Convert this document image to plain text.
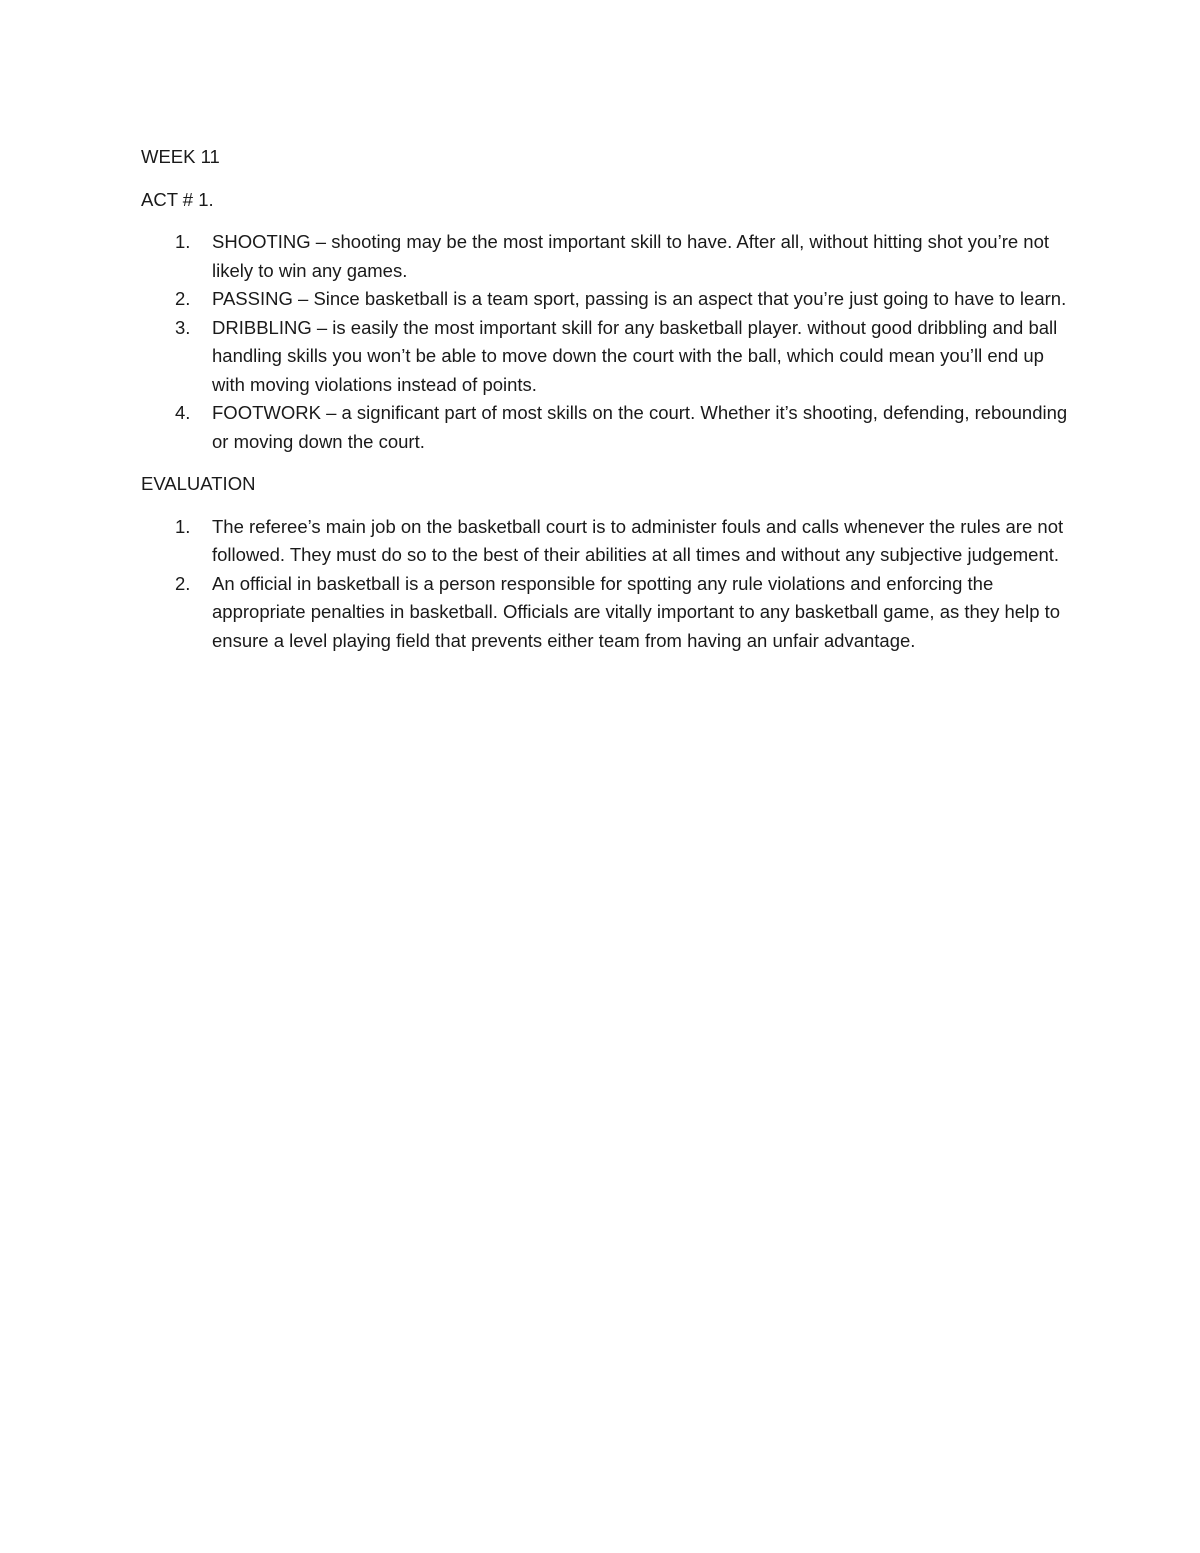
WEEK 11

ACT # 1.

1. SHOOTING – shooting may be the most important skill to have. After all, without hitting shot you’re not likely to win any games.
2. PASSING – Since basketball is a team sport, passing is an aspect that you’re just going to have to learn.
3. DRIBBLING – is easily the most important skill for any basketball player. without good dribbling and ball handling skills you won’t be able to move down the court with the ball, which could mean you’ll end up with moving violations instead of points.
4. FOOTWORK – a significant part of most skills on the court. Whether it’s shooting, defending, rebounding or moving down the court.

EVALUATION

1. The referee’s main job on the basketball court is to administer fouls and calls whenever the rules are not followed. They must do so to the best of their abilities at all times and without any subjective judgement.
2. An official in basketball is a person responsible for spotting any rule violations and enforcing the appropriate penalties in basketball. Officials are vitally important to any basketball game, as they help to ensure a level playing field that prevents either team from having an unfair advantage.
